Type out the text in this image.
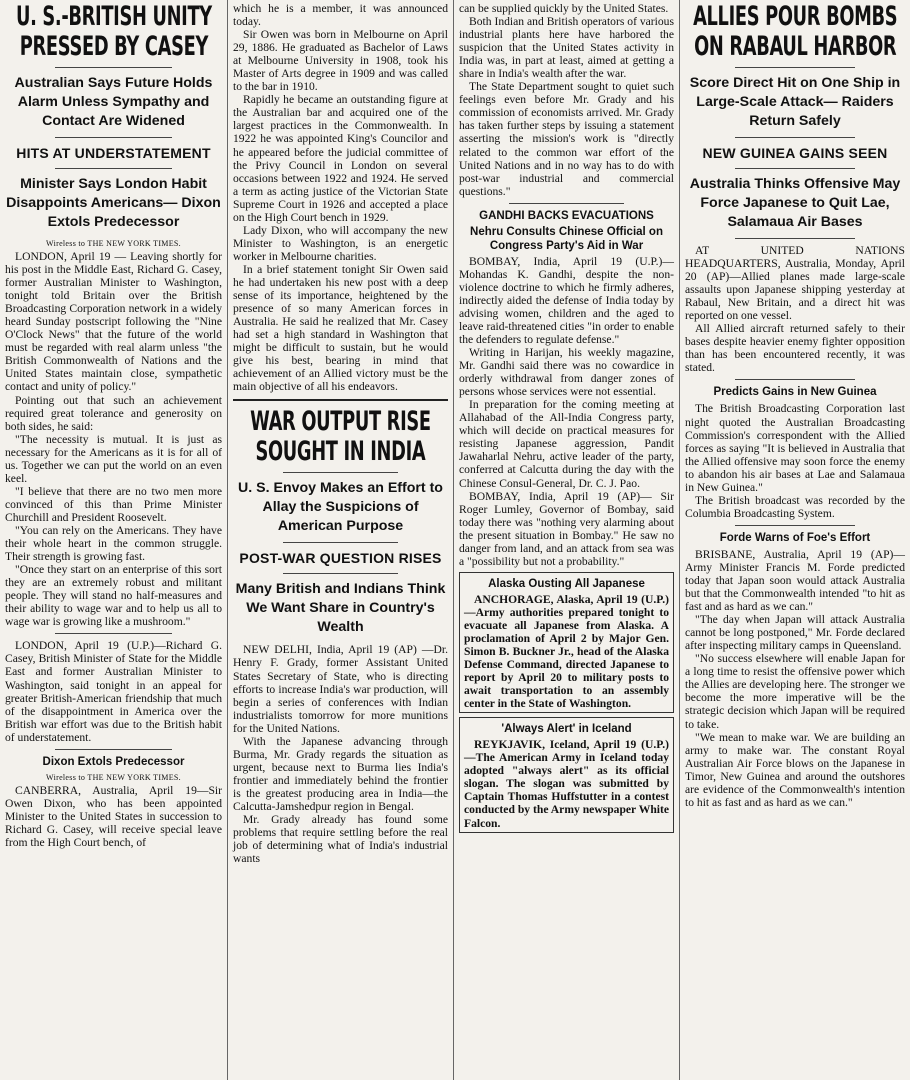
U. S.-BRITISH UNITY PRESSED BY CASEY
Australian Says Future Holds Alarm Unless Sympathy and Contact Are Widened
HITS AT UNDERSTATEMENT
Minister Says London Habit Disappoints Americans— Dixon Extols Predecessor
Wireless to THE NEW YORK TIMES.

LONDON, April 19 — Leaving shortly for his post in the Middle East, Richard G. Casey, former Australian Minister to Washington, tonight told Britain over the British Broadcasting Corporation network in a widely heard Sunday postscript following the "Nine O'Clock News" that the future of the world must be regarded with real alarm unless "the British Commonwealth of Nations and the United States maintain close, sympathetic contact and unity of policy."

Pointing out that such an achievement required great tolerance and generosity on both sides, he said:

"The necessity is mutual. It is just as necessary for the Americans as it is for all of us. Together we can put the world on an even keel.

"I believe that there are no two men more convinced of this than Prime Minister Churchill and President Roosevelt.

"You can rely on the Americans. They have their whole heart in the common struggle. Their strength is growing fast.

"Once they start on an enterprise of this sort they are an extremely robust and militant people. They will stand no half-measures and their ability to wage war and to help us all to wage war is growing like a mushroom."

LONDON, April 19 (U.P.)—Richard G. Casey, British Minister of State for the Middle East and former Australian Minister to Washington, said tonight in an appeal for greater British-American friendship that much of the disappointment in America over the British war effort was due to the British habit of understatement.

Dixon Extols Predecessor
Wireless to THE NEW YORK TIMES.

CANBERRA, Australia, April 19—Sir Owen Dixon, who has been appointed Minister to the United States in succession to Richard G. Casey, will receive special leave from the High Court bench, of

which he is a member, it was announced today.

Sir Owen was born in Melbourne on April 29, 1886. He graduated as Bachelor of Laws at Melbourne University in 1908, took his Master of Arts degree in 1909 and was called to the bar in 1910.

Rapidly he became an outstanding figure at the Australian bar and acquired one of the largest practices in the Commonwealth. In 1922 he was appointed King's Councilor and he appeared before the judicial committee of the Privy Council in London on several occasions between 1922 and 1924. He served a term as acting justice of the Victorian State Supreme Court in 1926 and accepted a place on the High Court bench in 1929.

Lady Dixon, who will accompany the new Minister to Washington, is an energetic worker in Melbourne charities.

In a brief statement tonight Sir Owen said he had undertaken his new post with a deep sense of its importance, heightened by the presence of so many American forces in Australia. He said he realized that Mr. Casey had set a high standard in Washington that might be difficult to sustain, but he would give his best, bearing in mind that achievement of an Allied victory must be the main objective of all his endeavors.

WAR OUTPUT RISE SOUGHT IN INDIA
U. S. Envoy Makes an Effort to Allay the Suspicions of American Purpose
POST-WAR QUESTION RISES
Many British and Indians Think We Want Share in Country's Wealth

NEW DELHI, India, April 19 (AP) —Dr. Henry F. Grady, former Assistant United States Secretary of State, who is directing efforts to increase India's war production, will begin a series of conferences with Indian industrialists tomorrow for more munitions for the United Nations.

With the Japanese advancing through Burma, Mr. Grady regards the situation as urgent, because next to Burma lies India's frontier and immediately behind the frontier is the greatest producing area in India—the Calcutta-Jamshedpur region in Bengal.

Mr. Grady already has found some problems that require settling before the real job of determining what of India's industrial wants

can be supplied quickly by the United States.

Both Indian and British operators of various industrial plants here have harbored the suspicion that the United States activity in India was, in part at least, aimed at getting a share in India's wealth after the war.

The State Department sought to quiet such feelings even before Mr. Grady and his commission of economists arrived. Mr. Grady has taken further steps by issuing a statement asserting the mission's work is "directly related to the common war effort of the United Nations and in no way has to do with post-war industrial and commercial questions."

GANDHI BACKS EVACUATIONS
Nehru Consults Chinese Official on Congress Party's Aid in War

BOMBAY, India, April 19 (U.P.)— Mohandas K. Gandhi, despite the non-violence doctrine to which he firmly adheres, indirectly aided the defense of India today by advising women, children and the aged to leave raid-threatened cities "in order to enable the defenders to regulate defense."

Writing in Harijan, his weekly magazine, Mr. Gandhi said there was no cowardice in orderly withdrawal from danger zones of persons whose services were not essential.

In preparation for the coming meeting at Allahabad of the All-India Congress party, which will decide on practical measures for resisting Japanese aggression, Pandit Jawaharlal Nehru, active leader of the party, conferred at Calcutta during the day with the Chinese Consul-General, Dr. C. J. Pao.

BOMBAY, India, April 19 (AP)— Sir Roger Lumley, Governor of Bombay, said today there was "nothing very alarming about the present situation in Bombay." He saw no danger from land, and an attack from sea was a "possibility but not a probability."

Alaska Ousting All Japanese

ANCHORAGE, Alaska, April 19 (U.P.)—Army authorities prepared tonight to evacuate all Japanese from Alaska. A proclamation of April 2 by Major Gen. Simon B. Buckner Jr., head of the Alaska Defense Command, directed Japanese to report by April 20 to military posts to await transportation to an assembly center in the State of Washington.

'Always Alert' in Iceland

REYKJAVIK, Iceland, April 19 (U.P.)—The American Army in Iceland today adopted "always alert" as its official slogan. The slogan was submitted by Captain Thomas Huffstutter in a contest conducted by the Army newspaper White Falcon.

ALLIES POUR BOMBS ON RABAUL HARBOR
Score Direct Hit on One Ship in Large-Scale Attack— Raiders Return Safely
NEW GUINEA GAINS SEEN
Australia Thinks Offensive May Force Japanese to Quit Lae, Salamaua Air Bases

AT UNITED NATIONS HEADQUARTERS, Australia, Monday, April 20 (AP)—Allied planes made large-scale assaults upon Japanese shipping yesterday at Rabaul, New Britain, and a direct hit was reported on one vessel.

All Allied aircraft returned safely to their bases despite heavier enemy fighter opposition than has been encountered recently, it was stated.

Predicts Gains in New Guinea

The British Broadcasting Corporation last night quoted the Australian Broadcasting Commission's correspondent with the Allied forces as saying "It is believed in Australia that the Allied offensive may soon force the enemy to abandon his air bases at Lae and Salamaua in New Guinea."

The British broadcast was recorded by the Columbia Broadcasting System.

Forde Warns of Foe's Effort

BRISBANE, Australia, April 19 (AP)—Army Minister Francis M. Forde predicted today that Japan soon would attack Australia but that the Commonwealth intended "to hit as fast and as hard as we can."

"The day when Japan will attack Australia cannot be long postponed," Mr. Forde declared after inspecting military camps in Queensland.

"No success elsewhere will enable Japan for a long time to resist the offensive power which the Allies are developing here. The stronger we become the more imperative will be the strategic decision which Japan will be required to take.

"We mean to make war. We are building an army to make war. The constant Royal Australian Air Force blows on the Japanese in Timor, New Guinea and around the outshores are evidence of the Commonwealth's intention to hit as fast and as hard as we can."
